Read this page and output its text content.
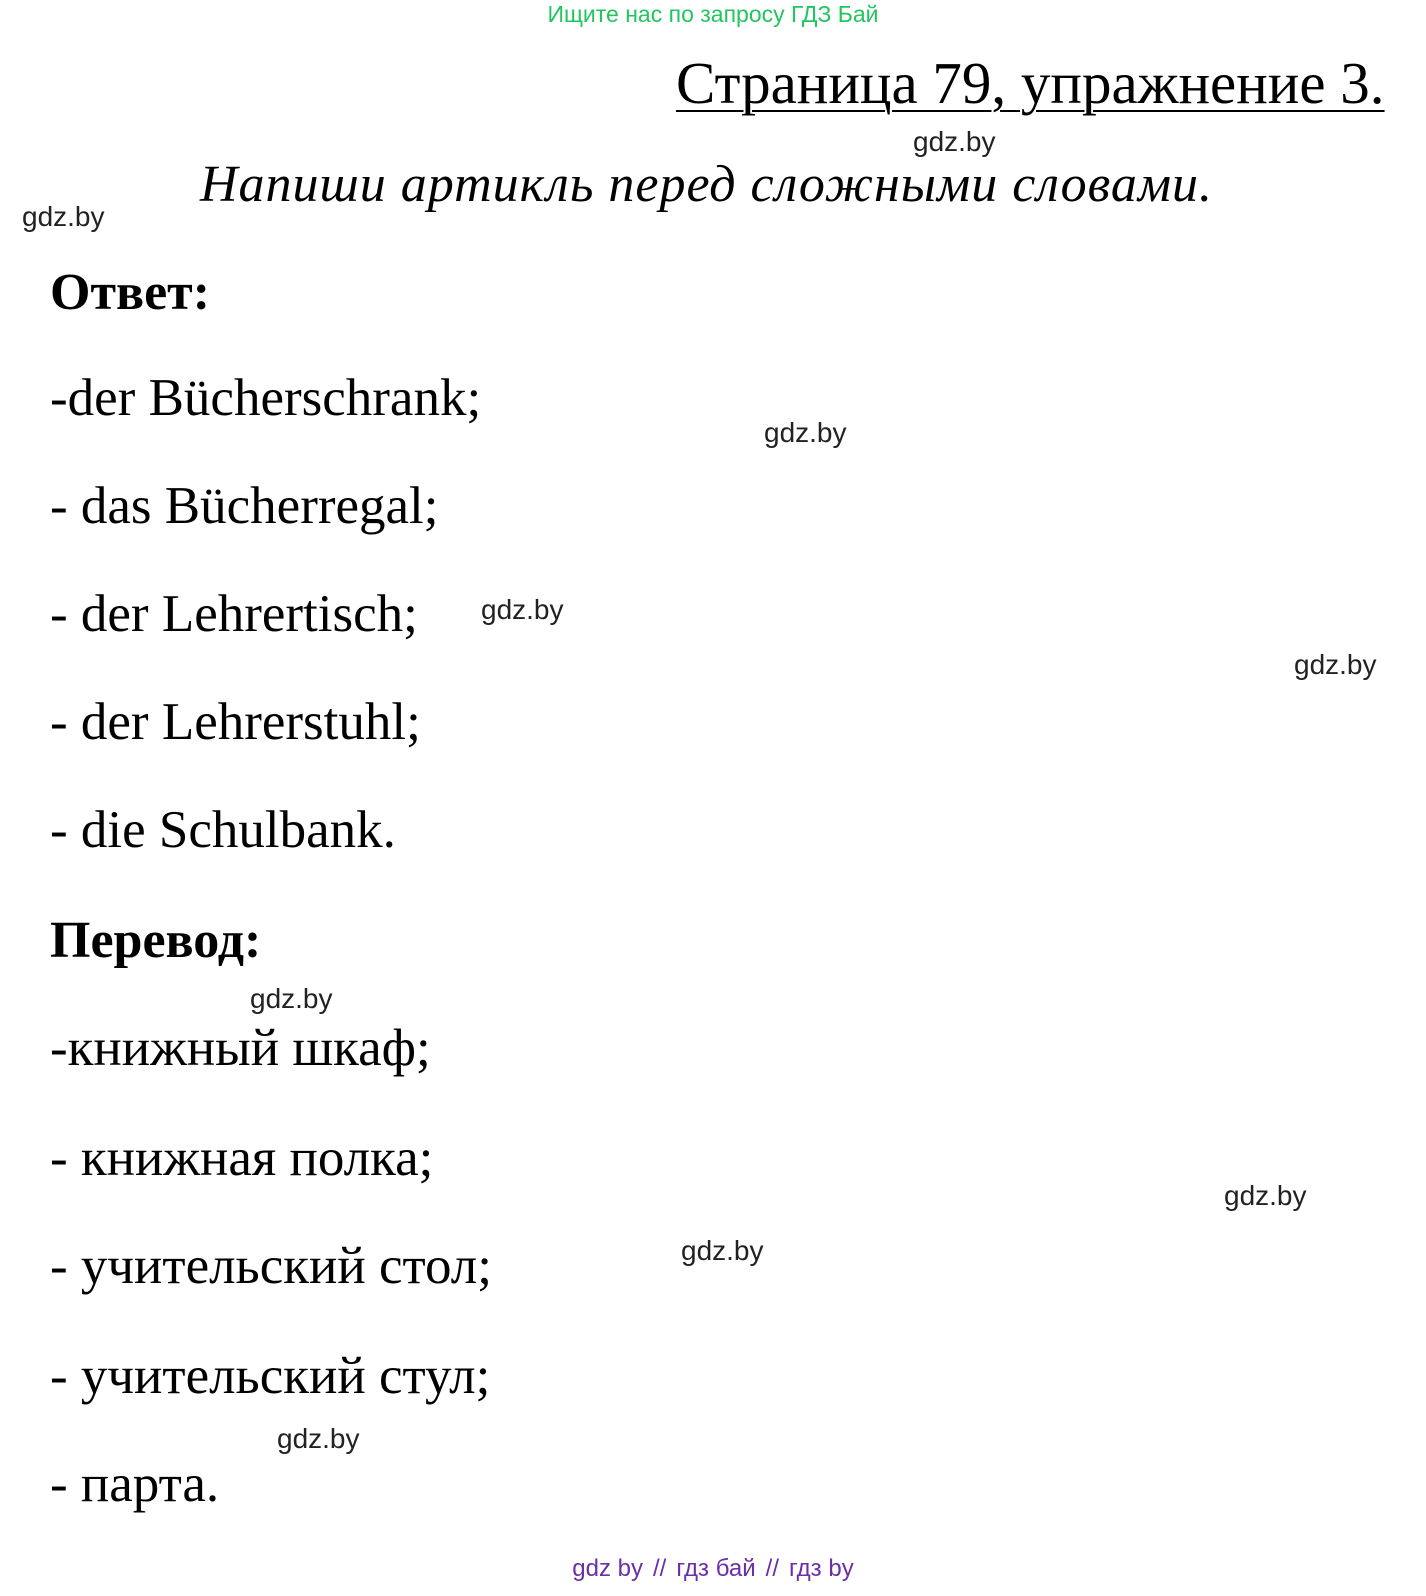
Ищите нас по запросу ГДЗ Бай
Страница 79, упражнение 3.
Напиши артикль перед сложными словами.
Ответ:
-der Bücherschrank;
- das Bücherregal;
- der Lehrertisch;
- der Lehrerstuhl;
- die Schulbank.
Перевод:
-книжный шкаф;
- книжная полка;
- учительский стол;
- учительский стул;
- парта.
gdz.by
gdz.by
gdz.by
gdz.by
gdz.by
gdz.by
gdz.by
gdz.by
gdz.by
gdz by // гдз бай // гдз by
